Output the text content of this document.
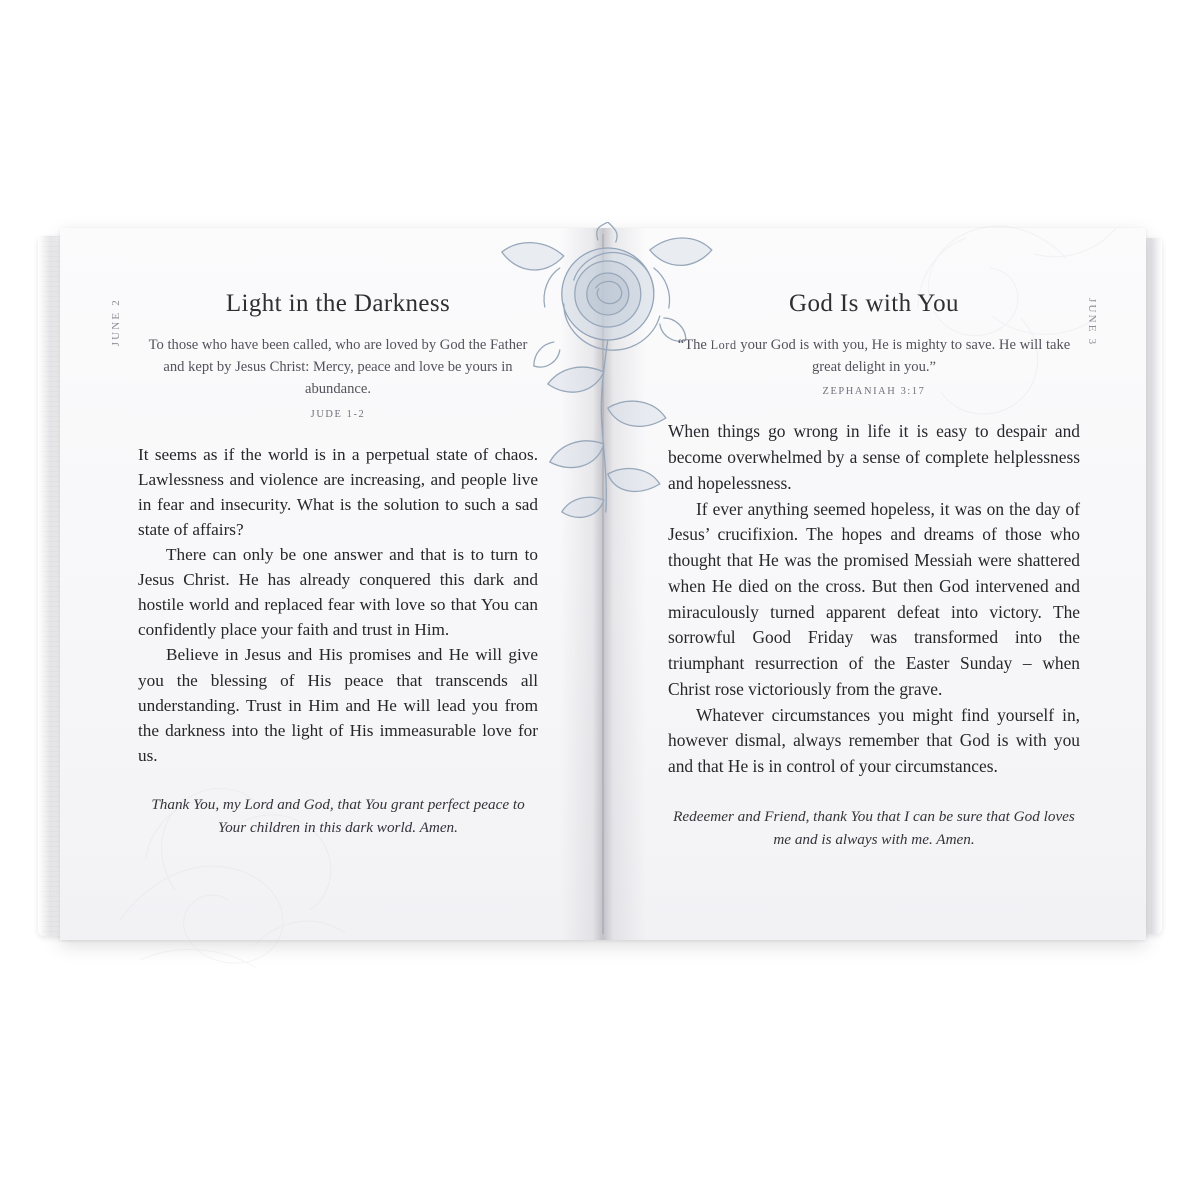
JUNE 2	Light in the Darkness

To those who have been called, who are loved by God the Father and kept by Jesus Christ: Mercy, peace and love be yours in abundance.

JUDE 1-2

It seems as if the world is in a perpetual state of chaos. Lawlessness and violence are increasing, and people live in fear and insecurity. What is the solution to such a sad state of affairs?

There can only be one answer and that is to turn to Jesus Christ. He has already conquered this dark and hostile world and replaced fear with love so that You can confidently place your faith and trust in Him.

Believe in Jesus and His promises and He will give you the blessing of His peace that transcends all understanding. Trust in Him and He will lead you from the darkness into the light of His immeasurable love for us.

Thank You, my Lord and God, that You grant perfect peace to Your children in this dark world. Amen.

JUNE 3
God Is with You

“The Lord your God is with you, He is mighty to save. He will take great delight in you.”

ZEPHANIAH 3:17

When things go wrong in life it is easy to despair and become overwhelmed by a sense of complete helplessness and hopelessness.

If ever anything seemed hopeless, it was on the day of Jesus’ crucifixion. The hopes and dreams of those who thought that He was the promised Messiah were shattered when He died on the cross. But then God intervened and miraculously turned apparent defeat into victory. The sorrowful Good Friday was transformed into the triumphant resurrection of the Easter Sunday – when Christ rose victoriously from the grave.

Whatever circumstances you might find yourself in, however dismal, always remember that God is with you and that He is in control of your circumstances.

Redeemer and Friend, thank You that I can be sure that God loves me and is always with me. Amen.
